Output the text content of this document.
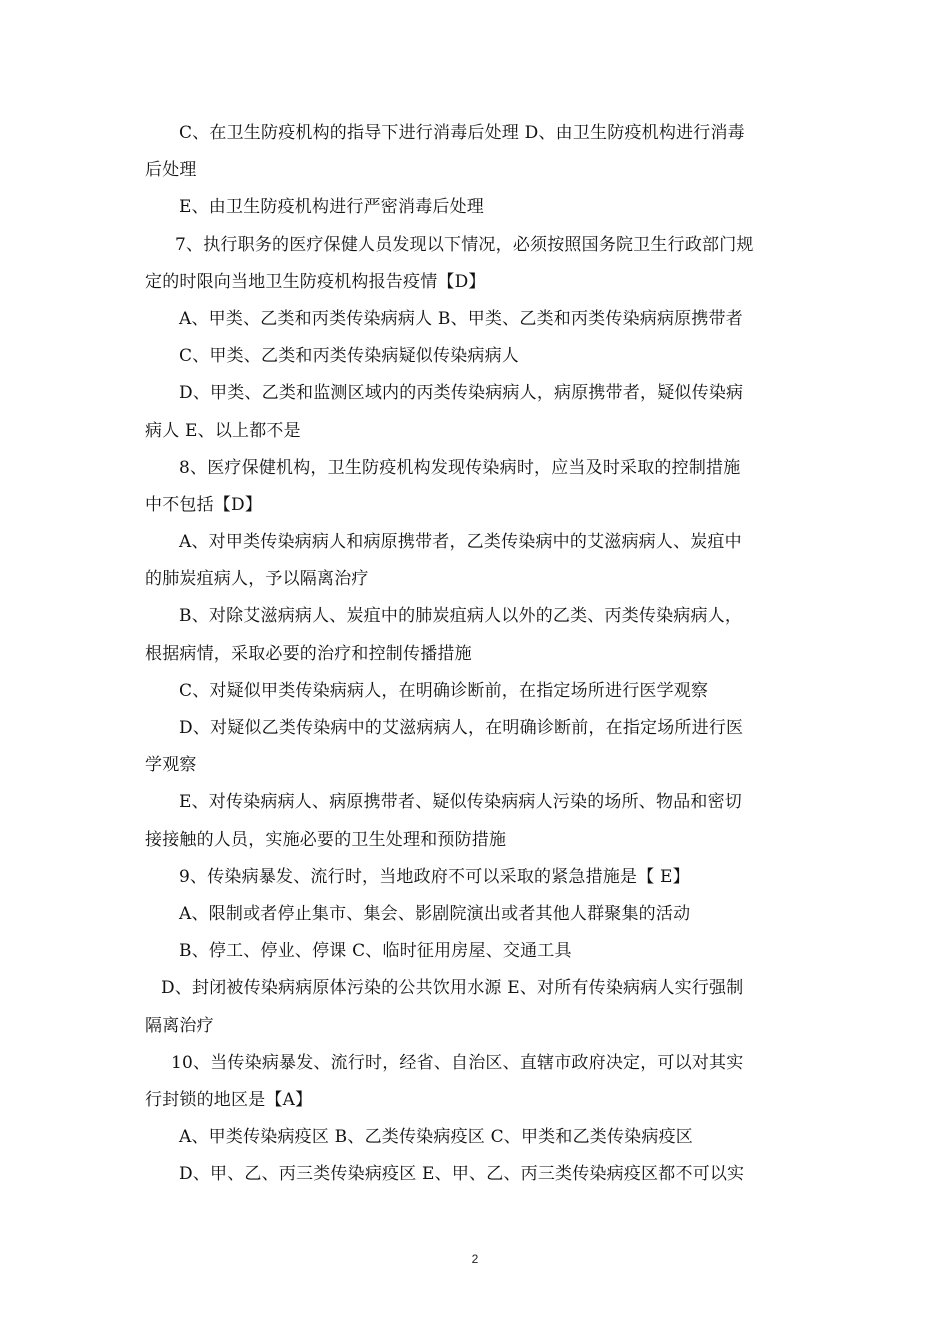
C、在卫生防疫机构的指导下进行消毒后处理 D、由卫生防疫机构进行消毒
后处理
E、由卫生防疫机构进行严密消毒后处理
7、执行职务的医疗保健人员发现以下情况，必须按照国务院卫生行政部门规
定的时限向当地卫生防疫机构报告疫情【D】
A、甲类、乙类和丙类传染病病人 B、甲类、乙类和丙类传染病病原携带者
C、甲类、乙类和丙类传染病疑似传染病病人
D、甲类、乙类和监测区域内的丙类传染病病人，病原携带者，疑似传染病
病人 E、以上都不是
8、医疗保健机构，卫生防疫机构发现传染病时，应当及时采取的控制措施
中不包括【D】
A、对甲类传染病病人和病原携带者，乙类传染病中的艾滋病病人、炭疽中
的肺炭疽病人，予以隔离治疗
B、对除艾滋病病人、炭疽中的肺炭疽病人以外的乙类、丙类传染病病人，
根据病情，采取必要的治疗和控制传播措施
C、对疑似甲类传染病病人，在明确诊断前，在指定场所进行医学观察
D、对疑似乙类传染病中的艾滋病病人，在明确诊断前，在指定场所进行医
学观察
E、对传染病病人、病原携带者、疑似传染病病人污染的场所、物品和密切
接接触的人员，实施必要的卫生处理和预防措施
9、传染病暴发、流行时，当地政府不可以采取的紧急措施是【 E】
A、限制或者停止集市、集会、影剧院演出或者其他人群聚集的活动
B、停工、停业、停课 C、临时征用房屋、交通工具
D、封闭被传染病病原体污染的公共饮用水源 E、对所有传染病病人实行强制
隔离治疗
10、当传染病暴发、流行时，经省、自治区、直辖市政府决定，可以对其实
行封锁的地区是【A】
A、甲类传染病疫区 B、乙类传染病疫区 C、甲类和乙类传染病疫区
D、甲、乙、丙三类传染病疫区 E、甲、乙、丙三类传染病疫区都不可以实
2
